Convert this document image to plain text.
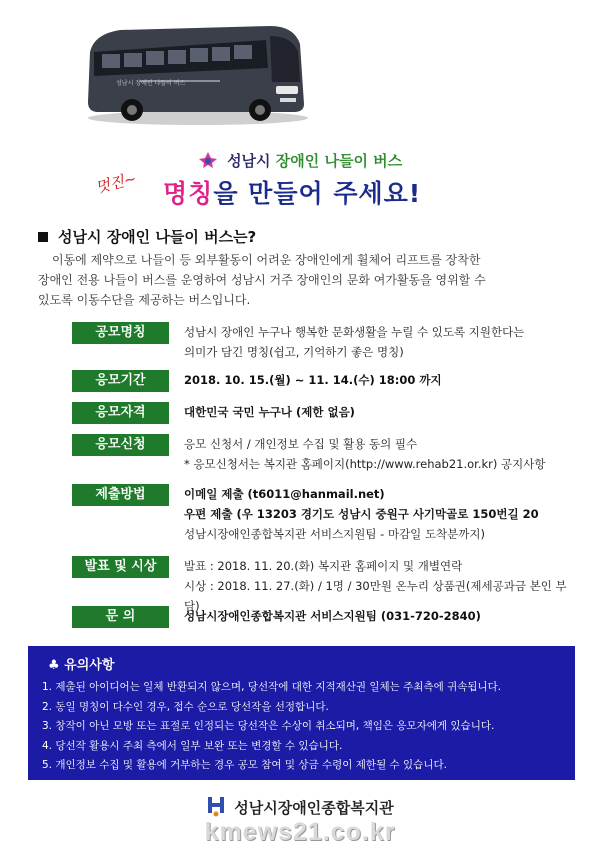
성남시 장애인 나들이 버스
성남시 장애인 나들이 버스
멋진~ 명칭을 만들어 주세요!
성남시 장애인 나들이 버스는?
이동에 제약으로 나들이 등 외부활동이 어려운 장애인에게 휠체어 리프트를 장착한
장애인 전용 나들이 버스를 운영하여 성남시 거주 장애인의 문화 여가활동을 영위할 수
있도록 이동수단을 제공하는 버스입니다.
공모명칭	성남시 장애인 누구나 행복한 문화생활을 누릴 수 있도록 지원한다는
의미가 담긴 명칭(쉽고, 기억하기 좋은 명칭)
응모기간	2018. 10. 15.(월) ~ 11. 14.(수) 18:00 까지
응모자격	대한민국 국민 누구나 (제한 없음)
응모신청	응모 신청서 / 개인정보 수집 및 활용 동의 필수
* 응모신청서는 복지관 홈페이지(http://www.rehab21.or.kr) 공지사항
제출방법	이메일 제출 (t6011@hanmail.net)
우편 제출 (우 13203 경기도 성남시 중원구 사기막골로 150번길 20
성남시장애인종합복지관 서비스지원팀 - 마감일 도착분까지)
발표 및 시상	발표 : 2018. 11. 20.(화) 복지관 홈페이지 및 개별연락
시상 : 2018. 11. 27.(화) / 1명 / 30만원 온누리 상품권(제세공과금 본인 부담)
문 의	성남시장애인종합복지관 서비스지원팀 (031-720-2840)
♣ 유의사항
1. 제출된 아이디어는 일체 반환되지 않으며, 당선작에 대한 지적재산권 일체는 주최측에 귀속됩니다.
2. 동일 명칭이 다수인 경우, 접수 순으로 당선작을 선정합니다.
3. 창작이 아닌 모방 또는 표절로 인정되는 당선작은 수상이 취소되며, 책임은 응모자에게 있습니다.
4. 당선작 활용시 주최 측에서 일부 보완 또는 변경할 수 있습니다.
5. 개인정보 수집 및 활용에 거부하는 경우 공모 참여 및 상금 수령이 제한될 수 있습니다.
성남시장애인종합복지관
kmews21.co.kr
